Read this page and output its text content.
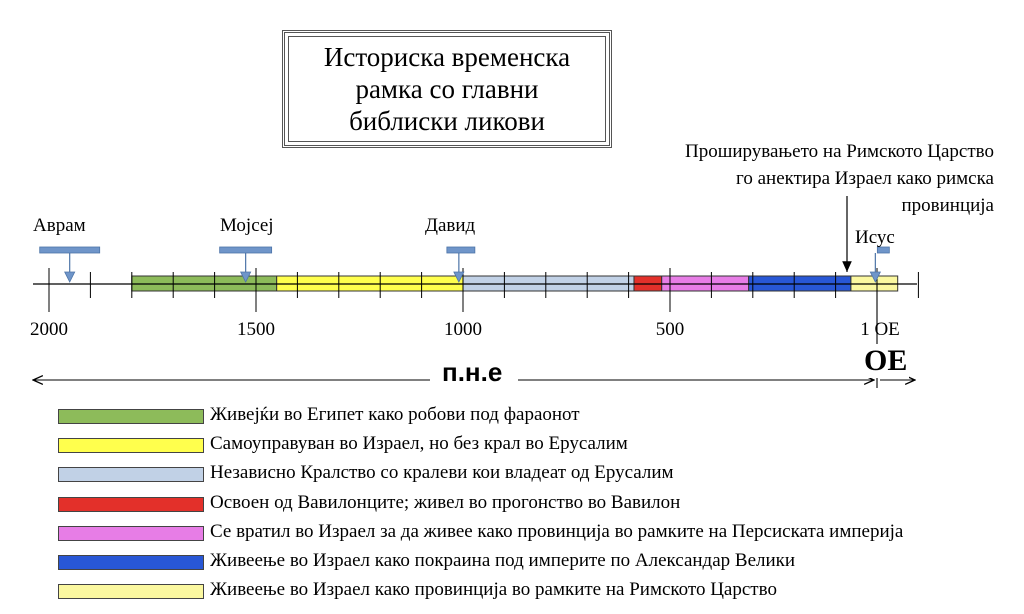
Историска временска
рамка со главни
библиски ликови
Проширувањето на Римското Царство
го анектира Израел како римска
провинција
2000	1500	1000	500	1 ОЕ
Аврам	Мојсеј	Давид
Исус
п.н.е	ОЕ
Живејќи во Египет како робови под фараонот
Самоуправуван во Израел, но без крал во Ерусалим
Независно Кралство со кралеви кои владеат од Ерусалим
Освоен од Вавилонците; живел во прогонство во Вавилон
Се вратил во Израел за да живее како провинција во рамките на Персиската империја
Живеење во Израел како покраина под империте по Александар Велики
Живеење во Израел како провинција во рамките на Римското Царство
